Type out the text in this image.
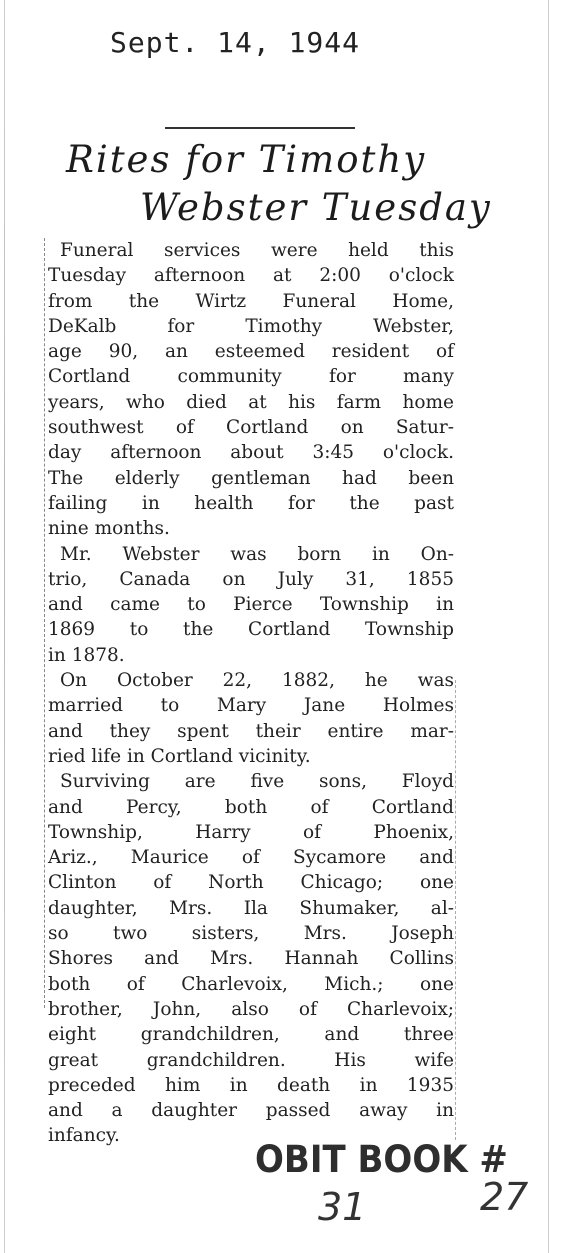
Sept. 14, 1944
Rites for Timothy
Webster Tuesday
Funeral services were held this
Tuesday afternoon at 2:00 o'clock
from the Wirtz Funeral Home,
DeKalb for Timothy Webster,
age 90, an esteemed resident of
Cortland community for many
years, who died at his farm home
southwest of Cortland on Satur-
day afternoon about 3:45 o'clock.
The elderly gentleman had been
failing in health for the past
nine months.
Mr. Webster was born in On-
trio, Canada on July 31, 1855
and came to Pierce Township in
1869 to the Cortland Township
in 1878.
On October 22, 1882, he was
married to Mary Jane Holmes
and they spent their entire mar-
ried life in Cortland vicinity.
Surviving are five sons, Floyd
and Percy, both of Cortland
Township, Harry of Phoenix,
Ariz., Maurice of Sycamore and
Clinton of North Chicago; one
daughter, Mrs. Ila Shumaker, al-
so two sisters, Mrs. Joseph
Shores and Mrs. Hannah Collins
both of Charlevoix, Mich.; one
brother, John, also of Charlevoix;
eight grandchildren, and three
great grandchildren. His wife
preceded him in death in 1935
and a daughter passed away in
infancy.
OBIT BOOK #
31	27
